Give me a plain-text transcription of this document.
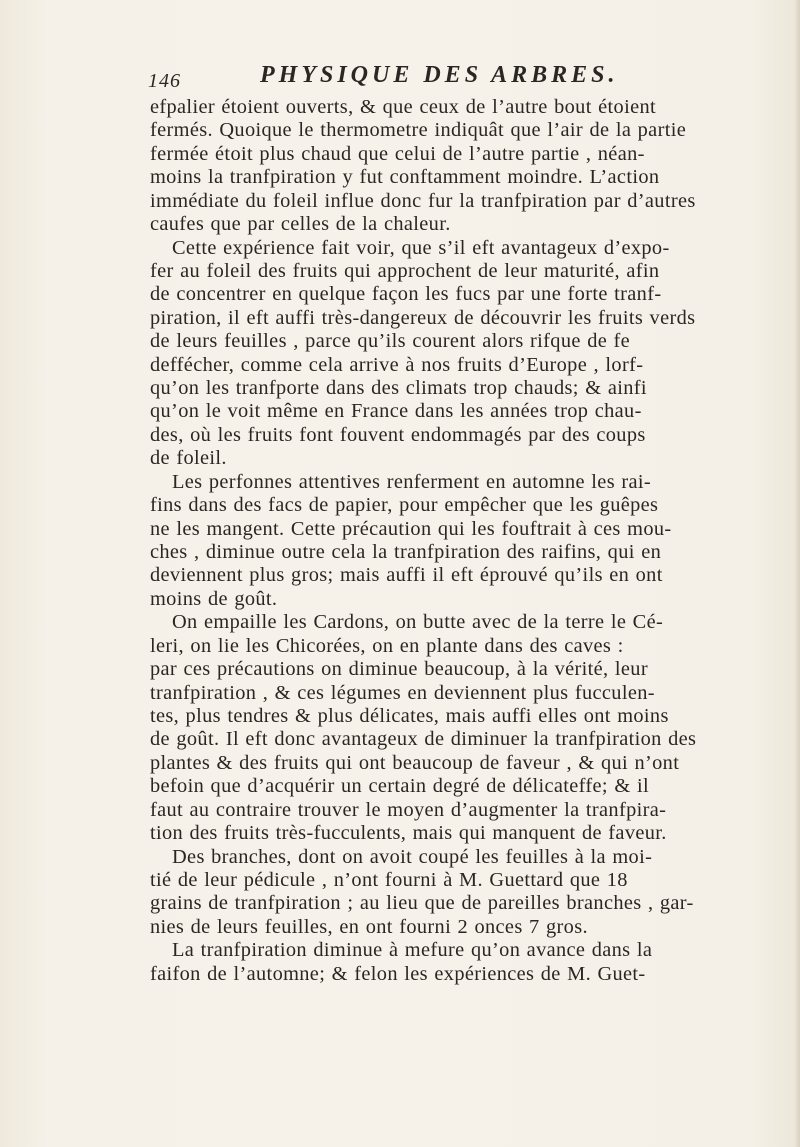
146	PHYSIQUE DES ARBRES.
efpalier étoient ouverts, & que ceux de l’autre bout étoient
fermés. Quoique le thermometre indiquât que l’air de la partie
fermée étoit plus chaud que celui de l’autre partie , néan-
moins la tranfpiration y fut conftamment moindre. L’action
immédiate du foleil influe donc fur la tranfpiration par d’autres
caufes que par celles de la chaleur.
Cette expérience fait voir, que s’il eft avantageux d’expo-
fer au foleil des fruits qui approchent de leur maturité, afin
de concentrer en quelque façon les fucs par une forte tranf-
piration, il eft auffi très-dangereux de découvrir les fruits verds
de leurs feuilles , parce qu’ils courent alors rifque de fe
deffécher, comme cela arrive à nos fruits d’Europe , lorf-
qu’on les tranfporte dans des climats trop chauds; & ainfi
qu’on le voit même en France dans les années trop chau-
des, où les fruits font fouvent endommagés par des coups
de foleil.
Les perfonnes attentives renferment en automne les rai-
fins dans des facs de papier, pour empêcher que les guêpes
ne les mangent. Cette précaution qui les fouftrait à ces mou-
ches , diminue outre cela la tranfpiration des raifins, qui en
deviennent plus gros; mais auffi il eft éprouvé qu’ils en ont
moins de goût.
On empaille les Cardons, on butte avec de la terre le Cé-
leri, on lie les Chicorées, on en plante dans des caves :
par ces précautions on diminue beaucoup, à la vérité, leur
tranfpiration , & ces légumes en deviennent plus fucculen-
tes, plus tendres & plus délicates, mais auffi elles ont moins
de goût. Il eft donc avantageux de diminuer la tranfpiration des
plantes & des fruits qui ont beaucoup de faveur , & qui n’ont
befoin que d’acquérir un certain degré de délicateffe; & il
faut au contraire trouver le moyen d’augmenter la tranfpira-
tion des fruits très-fucculents, mais qui manquent de faveur.
Des branches, dont on avoit coupé les feuilles à la moi-
tié de leur pédicule , n’ont fourni à M. Guettard que 18
grains de tranfpiration ; au lieu que de pareilles branches , gar-
nies de leurs feuilles, en ont fourni 2 onces 7 gros.
La tranfpiration diminue à mefure qu’on avance dans la
faifon de l’automne; & felon les expériences de M. Guet-
